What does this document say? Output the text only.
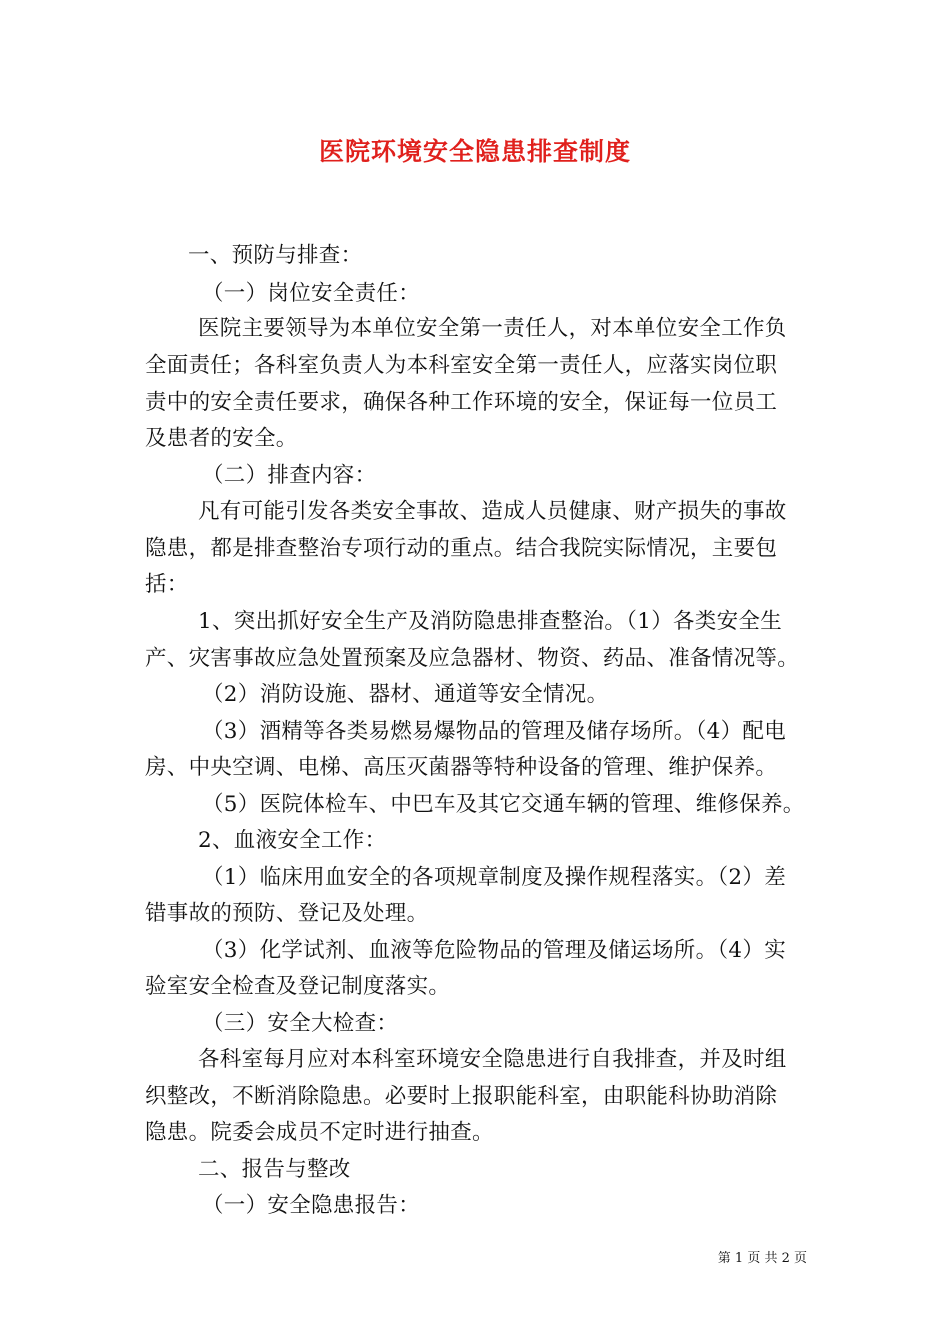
医院环境安全隐患排查制度
一、预防与排查：
（一）岗位安全责任：
医院主要领导为本单位安全第一责任人，对本单位安全工作负
全面责任；各科室负责人为本科室安全第一责任人，应落实岗位职
责中的安全责任要求，确保各种工作环境的安全，保证每一位员工
及患者的安全。
（二）排查内容：
凡有可能引发各类安全事故、造成人员健康、财产损失的事故
隐患，都是排查整治专项行动的重点。结合我院实际情况，主要包
括：
1、突出抓好安全生产及消防隐患排查整治。（1）各类安全生
产、灾害事故应急处置预案及应急器材、物资、药品、准备情况等。
（2）消防设施、器材、通道等安全情况。
（3）酒精等各类易燃易爆物品的管理及储存场所。（4）配电
房、中央空调、电梯、高压灭菌器等特种设备的管理、维护保养。
（5）医院体检车、中巴车及其它交通车辆的管理、维修保养。
2、血液安全工作：
（1）临床用血安全的各项规章制度及操作规程落实。（2）差
错事故的预防、登记及处理。
（3）化学试剂、血液等危险物品的管理及储运场所。（4）实
验室安全检查及登记制度落实。
（三）安全大检查：
各科室每月应对本科室环境安全隐患进行自我排查，并及时组
织整改，不断消除隐患。必要时上报职能科室，由职能科协助消除
隐患。院委会成员不定时进行抽查。
二、报告与整改
（一）安全隐患报告：
第 1 页 共 2 页
